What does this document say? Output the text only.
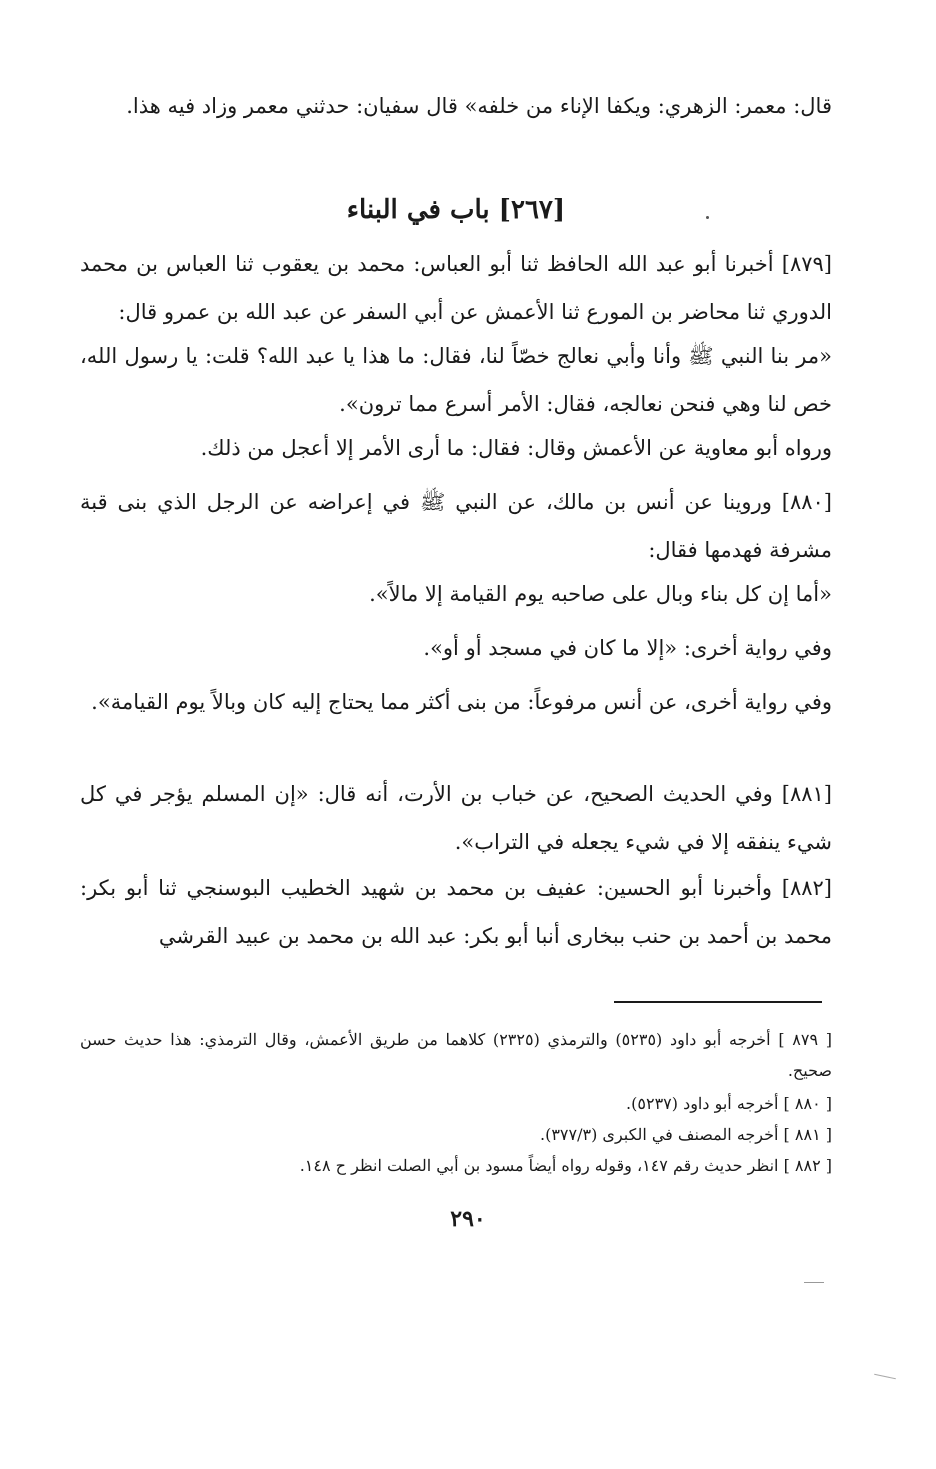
قال: معمر: الزهري: ويكفا الإناء من خلفه» قال سفيان: حدثني معمر وزاد فيه هذا.

[٢٦٧] باب في البناء

[٨٧٩] أخبرنا أبو عبد الله الحافظ ثنا أبو العباس: محمد بن يعقوب ثنا العباس بن محمد الدوري ثنا محاضر بن المورع ثنا الأعمش عن أبي السفر عن عبد الله بن عمرو قال:

«مر بنا النبي ﷺ وأنا وأبي نعالج خصّاً لنا، فقال: ما هذا يا عبد الله؟ قلت: يا رسول الله، خص لنا وهي فنحن نعالجه، فقال: الأمر أسرع مما ترون».

ورواه أبو معاوية عن الأعمش وقال: فقال: ما أرى الأمر إلا أعجل من ذلك.

[٨٨٠] وروينا عن أنس بن مالك، عن النبي ﷺ في إعراضه عن الرجل الذي بنى قبة مشرفة فهدمها فقال:

«أما إن كل بناء وبال على صاحبه يوم القيامة إلا مالاً».

وفي رواية أخرى: «إلا ما كان في مسجد أو أو».

وفي رواية أخرى، عن أنس مرفوعاً: من بنى أكثر مما يحتاج إليه كان وبالاً يوم القيامة».

[٨٨١] وفي الحديث الصحيح، عن خباب بن الأرت، أنه قال: «إن المسلم يؤجر في كل شيء ينفقه إلا في شيء يجعله في التراب».

[٨٨٢] وأخبرنا أبو الحسين: عفيف بن محمد بن شهيد الخطيب البوسنجي ثنا أبو بكر: محمد بن أحمد بن حنب ببخارى أنبا أبو بكر: عبد الله بن محمد بن عبيد القرشي

[ ٨٧٩ ] أخرجه أبو داود (٥٢٣٥) والترمذي (٢٣٢٥) كلاهما من طريق الأعمش، وقال الترمذي: هذا حديث حسن صحيح.

[ ٨٨٠ ] أخرجه أبو داود (٥٢٣٧).

[ ٨٨١ ] أخرجه المصنف في الكبرى (٣٧٧/٣).

[ ٨٨٢ ] انظر حديث رقم ١٤٧، وقوله رواه أيضاً مسود بن أبي الصلت انظر ح ١٤٨.

٢٩٠
